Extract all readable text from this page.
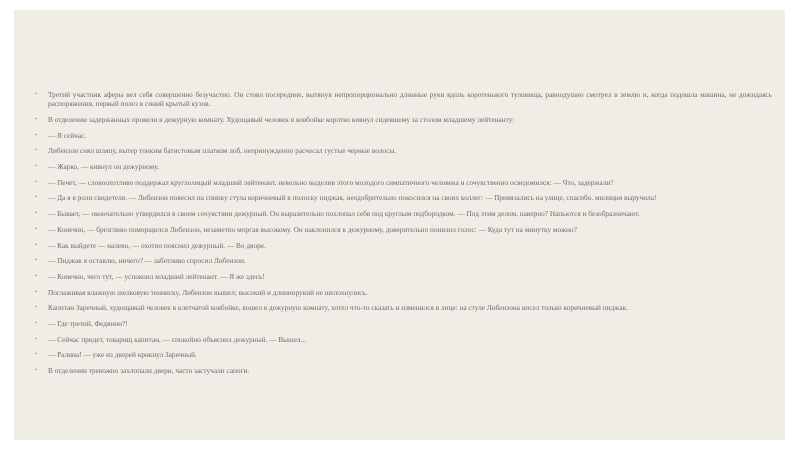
• Третий участник аферы вел себя совершенно безучастно. Он стоял посередине, вытянув непропорционально длинные руки вдоль коротенького туловища, равнодушно смотрел в землю и, когда подошла машина, не дожидаясь распоряжения, первый полез в синий крытый кузов.
• В отделении задержанных провели в дежурную комнату. Худощавый человек в ковбойке коротко кивнул сидевшему за столом младшему лейтенанту:
• — Я сейчас.
• Либензон снял шляпу, вытер тонким батистовым платком лоб, непринужденно расчесал густые черные волосы.
• — Жарко, — кивнул он дежурному.
• — Печет, — словоохотливо поддержал круглолицый младший лейтенант, невольно выделив этого молодого симпатичного человека и сочувственно осведомился: — Что, задержали?
• — Да я в роли свидетеля. — Либензон повесил на спинку стула коричневый в полоску пиджак, неодобрительно покосился на своих коллег: — Привязались на улице, спасибо, милиция выручила!
• — Бывает, — окончательно утвердился в своем сочувствии дежурный. Он выразительно похлопал себя под круглым подбородком. — Под этим делом, наверно? Напьются и безобразничают.
• — Конечно, — брезгливо поморщился Либензон, незаметно моргая высокому. Он наклонился к дежурному, доверительно понизил голос: — Куда тут на минутку можно?
• — Как выйдете — налево, — охотно пояснил дежурный. — Во дворе.
• — Пиджак я оставлю, ничего? — заботливо спросил Либензон.
• — Конечно, чего тут, — успокоил младший лейтенант. — Я же здесь!
• Поглаживая влажную шелковую тенниску, Либензон вышел; высокий и длиннорукий не шелохнулись.
• Капитан Заречный, худощавый человек в клетчатой ковбойке, вошел в дежурную комнату, хотел что-то сказать и изменился в лице: на стуле Либензона висел только коричневый пиджак.
• — Где третий, Федянин?!
• — Сейчас придет, товарищ капитан, — спокойно объяснил дежурный. — Вышел...
• — Ралина! — уже из дверей крикнул Заречный.
• В отделении тревожно захлопали двери, часто застучали сапоги.
